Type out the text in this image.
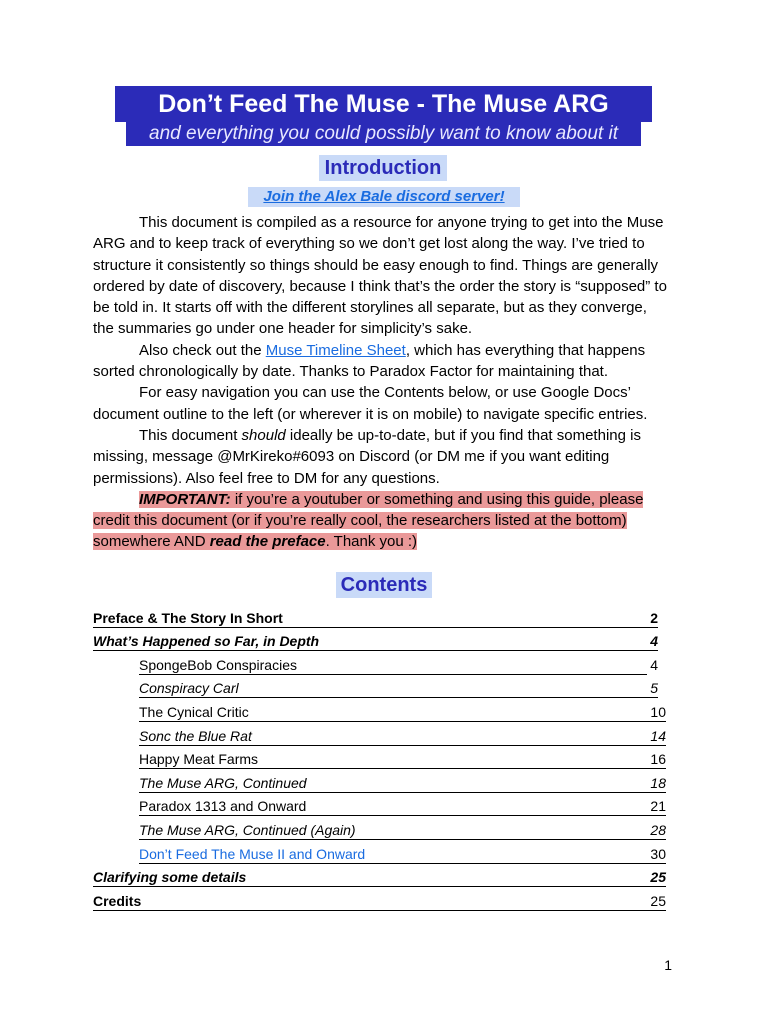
Don’t Feed The Muse - The Muse ARG
and everything you could possibly want to know about it
Introduction
Join the Alex Bale discord server!

This document is compiled as a resource for anyone trying to get into the Muse ARG and to keep track of everything so we don’t get lost along the way. I’ve tried to structure it consistently so things should be easy enough to find. Things are generally ordered by date of discovery, because I think that’s the order the story is “supposed” to be told in. It starts off with the different storylines all separate, but as they converge, the summaries go under one header for simplicity’s sake.

Also check out the Muse Timeline Sheet, which has everything that happens sorted chronologically by date. Thanks to Paradox Factor for maintaining that.

For easy navigation you can use the Contents below, or use Google Docs’ document outline to the left (or wherever it is on mobile) to navigate specific entries.

This document should ideally be up-to-date, but if you find that something is missing, message @MrKireko#6093 on Discord (or DM me if you want editing permissions). Also feel free to DM for any questions.

IMPORTANT: if you’re a youtuber or something and using this guide, please credit this document (or if you’re really cool, the researchers listed at the bottom) somewhere AND read the preface. Thank you :)

Contents
Preface & The Story In Short	2
What’s Happened so Far, in Depth	4
SpongeBob Conspiracies	4
Conspiracy Carl	5
The Cynical Critic	10
Sonc the Blue Rat	14
Happy Meat Farms	16
The Muse ARG, Continued	18
Paradox 1313 and Onward	21
The Muse ARG, Continued (Again)	28
Don’t Feed The Muse II and Onward	30
Clarifying some details	25
Credits	25
1
